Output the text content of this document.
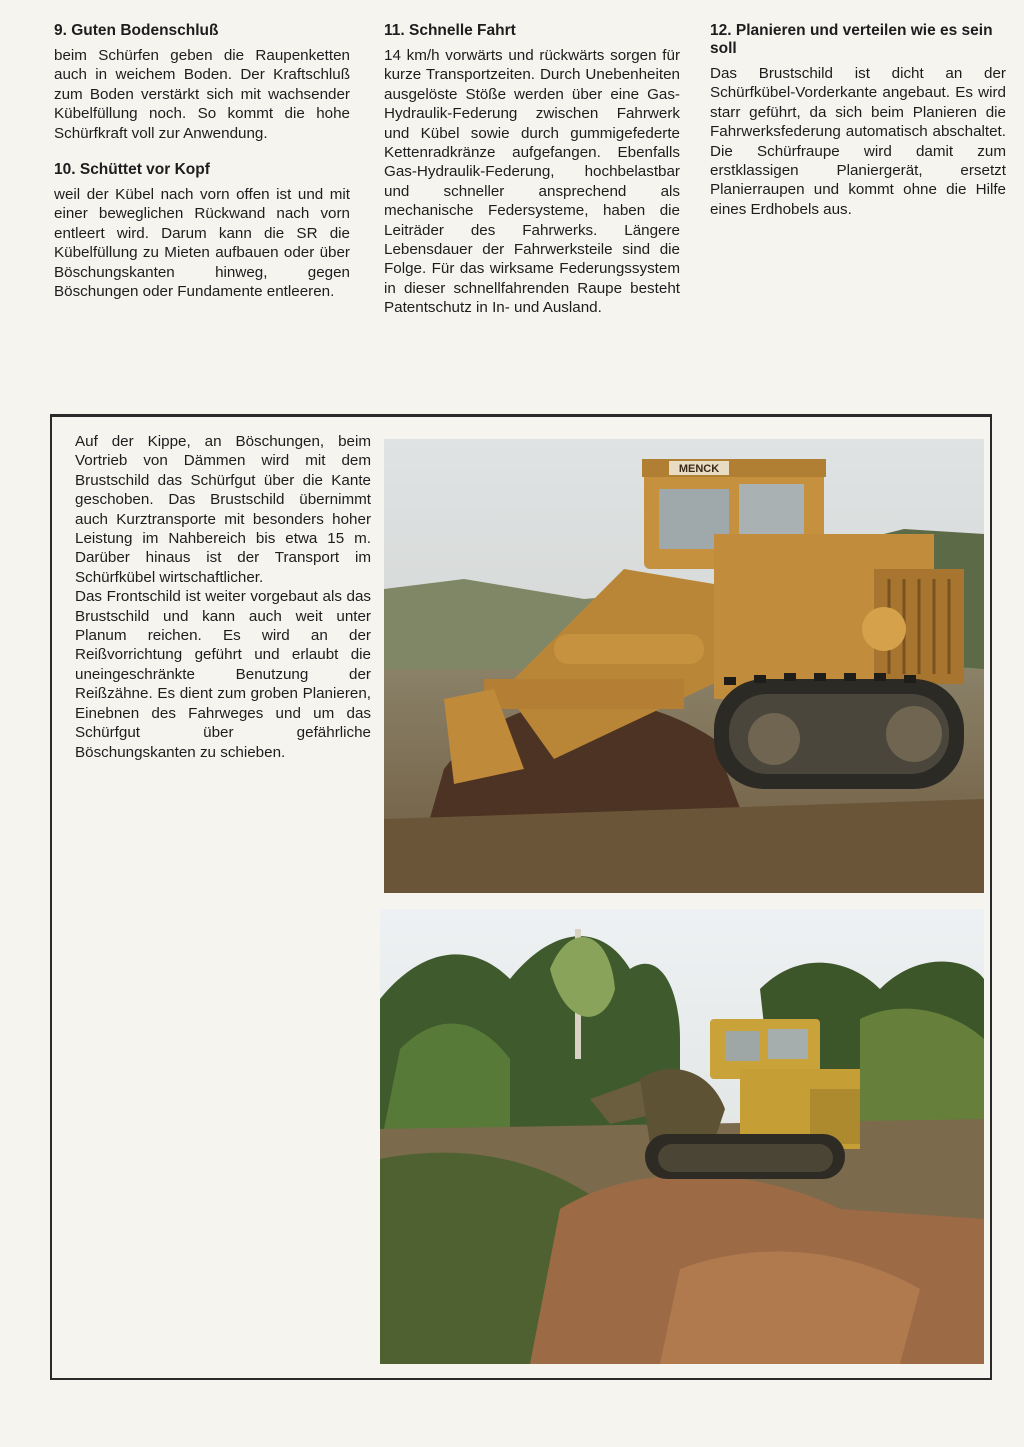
9. Guten Bodenschluß

beim Schürfen geben die Raupenketten auch in weichem Boden. Der Kraftschluß zum Boden verstärkt sich mit wachsender Kübelfüllung noch. So kommt die hohe Schürfkraft voll zur Anwendung.

10. Schüttet vor Kopf

weil der Kübel nach vorn offen ist und mit einer beweglichen Rückwand nach vorn entleert wird. Darum kann die SR die Kübelfüllung zu Mieten aufbauen oder über Böschungskanten hinweg, gegen Böschungen oder Fundamente entleeren.

11. Schnelle Fahrt

14 km/h vorwärts und rückwärts sorgen für kurze Transportzeiten. Durch Unebenheiten ausgelöste Stöße werden über eine Gas-Hydraulik-Federung zwischen Fahrwerk und Kübel sowie durch gummigefederte Kettenradkränze aufgefangen. Ebenfalls Gas-Hydraulik-Federung, hochbelastbar und schneller ansprechend als mechanische Federsysteme, haben die Leiträder des Fahrwerks. Längere Lebensdauer der Fahrwerksteile sind die Folge. Für das wirksame Federungssystem in dieser schnellfahrenden Raupe besteht Patentschutz in In- und Ausland.

12. Planieren und verteilen wie es sein soll

Das Brustschild ist dicht an der Schürfkübel-Vorderkante angebaut. Es wird starr geführt, da sich beim Planieren die Fahrwerksfederung automatisch abschaltet. Die Schürfraupe wird damit zum erstklassigen Planiergerät, ersetzt Planierraupen und kommt ohne die Hilfe eines Erdhobels aus.

Auf der Kippe, an Böschungen, beim Vortrieb von Dämmen wird mit dem Brustschild das Schürfgut über die Kante geschoben. Das Brustschild übernimmt auch Kurztransporte mit besonders hoher Leistung im Nahbereich bis etwa 15 m. Darüber hinaus ist der Transport im Schürfkübel wirtschaftlicher.

Das Frontschild ist weiter vorgebaut als das Brustschild und kann auch weit unter Planum reichen. Es wird an der Reißvorrichtung geführt und erlaubt die uneingeschränkte Benutzung der Reißzähne. Es dient zum groben Planieren, Einebnen des Fahrweges und um das Schürfgut über gefährliche Böschungskanten zu schieben.

MENCK
